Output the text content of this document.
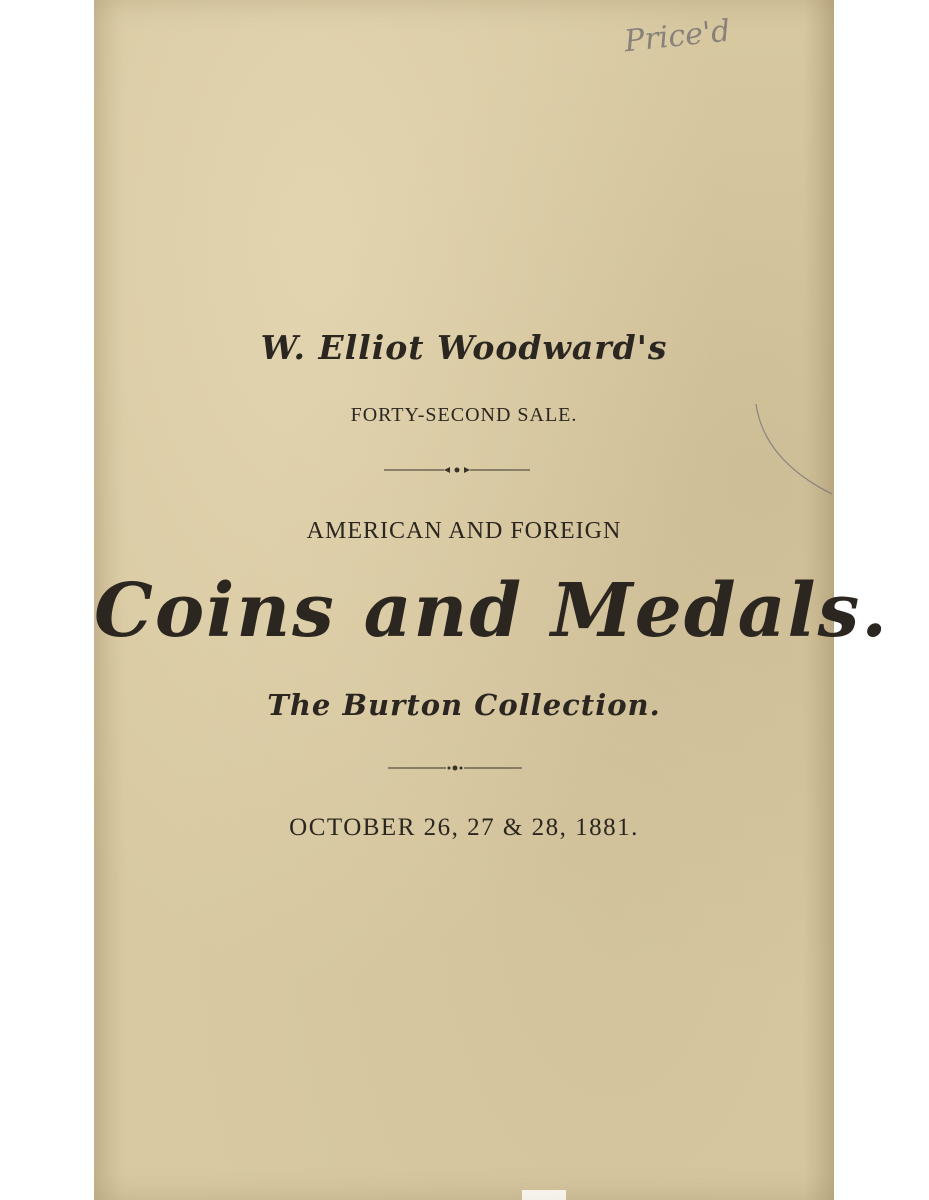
Price'd
W. Elliot Woodward's
FORTY-SECOND SALE.
AMERICAN AND FOREIGN
Coins and Medals.
The Burton Collection.
OCTOBER 26, 27 & 28, 1881.
